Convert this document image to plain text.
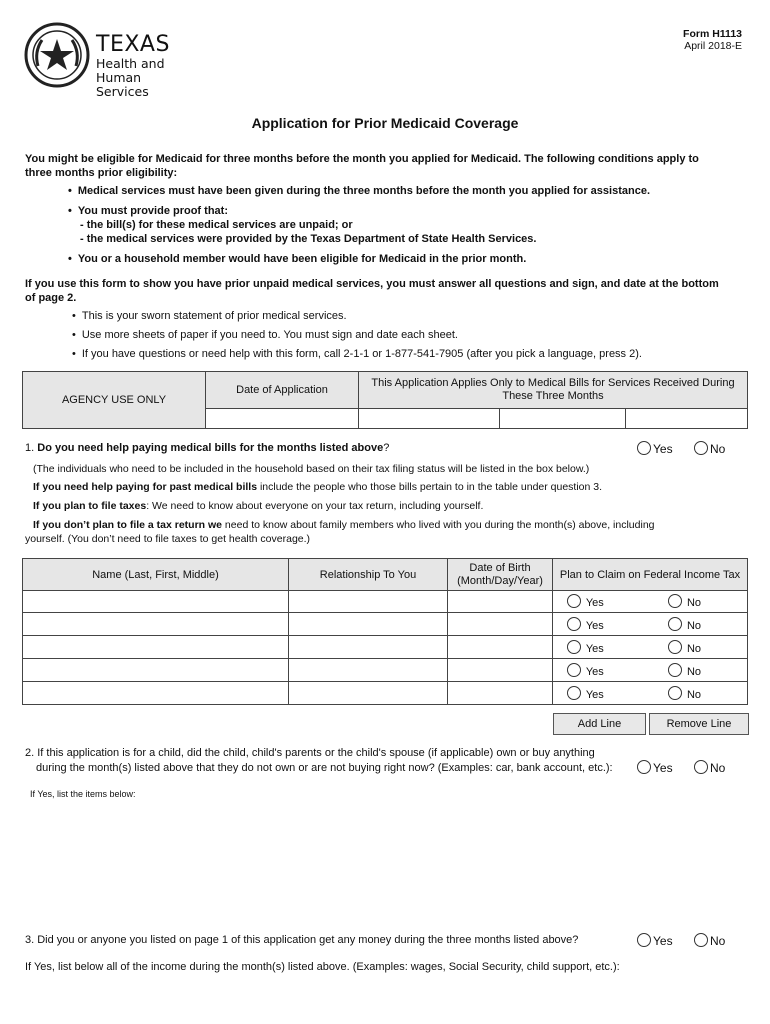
TEXAS
Health and Human
Services
Form H1113
April 2018-E
Application for Prior Medicaid Coverage
You might be eligible for Medicaid for three months before the month you applied for Medicaid. The following conditions apply to
three months prior eligibility:
• Medical services must have been given during the three months before the month you applied for assistance.
• You must provide proof that:
- the bill(s) for these medical services are unpaid; or
- the medical services were provided by the Texas Department of State Health Services.
• You or a household member would have been eligible for Medicaid in the prior month.
If you use this form to show you have prior unpaid medical services, you must answer all questions and sign, and date at the bottom
of page 2.
• This is your sworn statement of prior medical services.
• Use more sheets of paper if you need to. You must sign and date each sheet.
• If you have questions or need help with this form, call 2-1-1 or 1-877-541-7905 (after you pick a language, press 2).
AGENCY USE ONLY	Date of Application	This Application Applies Only to Medical Bills for Services Received During
These Three Months		

1. Do you need help paying medical bills for the months listed above?	Yes	No
(The individuals who need to be included in the household based on their tax filing status will be listed in the box below.)
If you need help paying for past medical bills include the people who those bills pertain to in the table under question 3.
If you plan to file taxes: We need to know about everyone on your tax return, including yourself.
If you don’t plan to file a tax return we need to know about family members who lived with you during the month(s) above, including
yourself. (You don’t need to file taxes to get health coverage.)
Name (Last, First, Middle)	Relationship To You	Date of Birth
(Month/Day/Year)	Plan to Claim on Federal Income Tax	
			Yes	No
			Yes	No
			Yes	No
			Yes	No
			Yes	No
Add Line	Remove Line
2. If this application is for a child, did the child, child's parents or the child's spouse (if applicable) own or buy anything
during the month(s) listed above that they do not own or are not buying right now? (Examples: car, bank account, etc.):	Yes	No
If Yes, list the items below:
3. Did you or anyone you listed on page 1 of this application get any money during the three months listed above?	Yes	No
If Yes, list below all of the income during the month(s) listed above. (Examples: wages, Social Security, child support, etc.):
